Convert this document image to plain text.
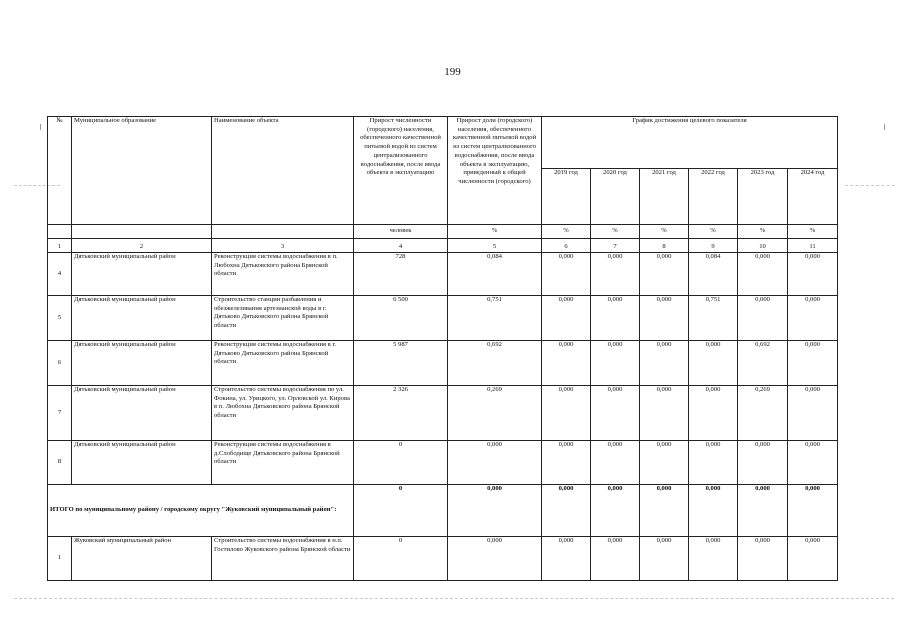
199
№	Муниципальное образование	Наименование объекта	Прирост численности (городского) населения, обеспеченного качественной питьевой водой из систем централизованного водоснабжения, после ввода объекта в эксплуатацию	Прирост доли (городского) населения, обеспеченного качественной питьевой водой из систем централизованного водоснабжения, после ввода объекта в эксплуатацию, приведенный к общей численности (городского)	График достижения целевого показателя					
					2019 год	2020 год	2021 год	2022 год	2023 год	2024 год
			человек	%	%	%	%	%	%	%
1	2	3	4	5	6	7	8	9	10	11
4	Дятьковский муниципальный район	Реконструкция системы водоснабжения в п. Любохна Дятьковского района Брянской области	728	0,084	0,000	0,000	0,000	0,084	0,000	0,000
5	Дятьковский муниципальный район	Строительство станции разбавления и обезжелезивания артезианской воды в г. Дятьково Дятьковского района Брянской области	6 500	0,751	0,000	0,000	0,000	0,751	0,000	0,000
6	Дятьковский муниципальный район	Реконструкция системы водоснабжения в г. Дятьково Дятьковского района Брянской области	5 987	0,692	0,000	0,000	0,000	0,000	0,692	0,000
7	Дятьковский муниципальный район	Строительство системы водоснабжения по ул. Фокина, ул. Урицкого, ул. Орловской ул. Кирова в п. Любохна Дятьковского района Брянской области	2 326	0,269	0,000	0,000	0,000	0,000	0,269	0,000
8	Дятьковский муниципальный район	Реконструкция системы водоснабжения в д.Слободище Дятьковского района Брянской области	0	0,000	0,000	0,000	0,000	0,000	0,000	0,000
ИТОГО по муниципальному району / городскому округу "Жуковский муниципальный район":			0	0,000	0,000	0,000	0,000	0,000	0,000	0,000
1	Жуковский муниципальный район	Строительство системы водоснабжения в н.п. Гостилово Жуковского района Брянской области	0	0,000	0,000	0,000	0,000	0,000	0,000	0,000
